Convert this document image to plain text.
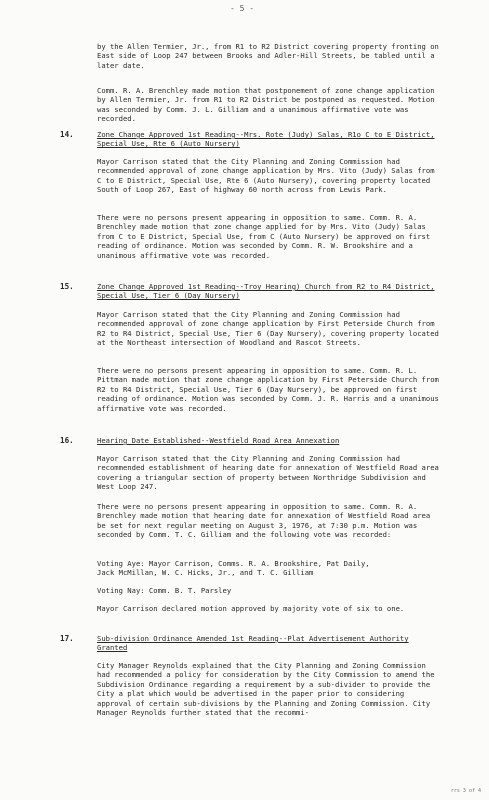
- 5 -
by the Allen Termier, Jr., from R1 to R2 District covering property fronting on East side of Loop 247 between Brooks and Adler-Hill Streets, be tabled until a later date.
Comm. R. A. Brenchley made motion that postponement of zone change application by Allen Termier, Jr. from R1 to R2 District be postponed as requested. Motion was seconded by Comm. J. L. Gilliam and a unanimous affirmative vote was recorded.
14.	Zone Change Approved 1st Reading--Mrs. Rote (Judy) Salas, R1o C to E District, Special Use, Rte 6 (Auto Nursery)
Mayor Carrison stated that the City Planning and Zoning Commission had recommended approval of zone change application by Mrs. Vito (Judy) Salas from C to E District, Special Use, Rte 6 (Auto Nursery), covering property located South of Loop 267, East of highway 60 north across from Lewis Park.
There were no persons present appearing in opposition to same. Comm. R. A. Brenchley made motion that zone change applied for by Mrs. Vito (Judy) Salas from C to E District, Special Use, from C (Auto Nursery) be approved on first reading of ordinance. Motion was seconded by Comm. R. W. Brookshire and a unanimous affirmative vote was recorded.
15.	Zone Change Approved 1st Reading--Troy Hearing) Church from R2 to R4 District, Special Use, Tier 6 (Day Nursery)
Mayor Carrison stated that the City Planning and Zoning Commission had recommended approval of zone change application by First Peterside Church from R2 to R4 District, Special Use, Tier 6 (Day Nursery), covering property located at the Northeast intersection of Woodland and Rascot Streets.
There were no persons present appearing in opposition to same. Comm. R. L. Pittman made motion that zone change application by First Peterside Church from R2 to R4 District, Special Use, Tier 6 (Day Nursery), be approved on first reading of ordinance. Motion was seconded by Comm. J. R. Harris and a unanimous affirmative vote was recorded.
16.	Hearing Date Established--Westfield Road Area Annexation
Mayor Carrison stated that the City Planning and Zoning Commission had recommended establishment of hearing date for annexation of Westfield Road area covering a triangular section of property between Northridge Subdivision and West Loop 247.
There were no persons present appearing in opposition to same. Comm. R. A. Brenchley made motion that hearing date for annexation of Westfield Road area be set for next regular meeting on August 3, 1976, at 7:30 p.m. Motion was seconded by Comm. T. C. Gilliam and the following vote was recorded:
Voting Aye: Mayor Carrison, Comms. R. A. Brookshire, Pat Daily,
Jack McMillan, W. C. Hicks, Jr., and T. C. Gilliam
Voting Nay: Comm. B. T. Parsley
Mayor Carrison declared motion approved by majority vote of six to one.
17.	Sub-division Ordinance Amended 1st Reading--Plat Advertisement Authority Granted
City Manager Reynolds explained that the City Planning and Zoning Commission had recommended a policy for consideration by the City Commission to amend the Subdivision Ordinance regarding a requirement by a sub-divider to provide the City a plat which would be advertised in the paper prior to considering approval of certain sub-divisions by the Planning and Zoning Commission. City Manager Reynolds further stated that the recommi-
rrs 3 of 4
